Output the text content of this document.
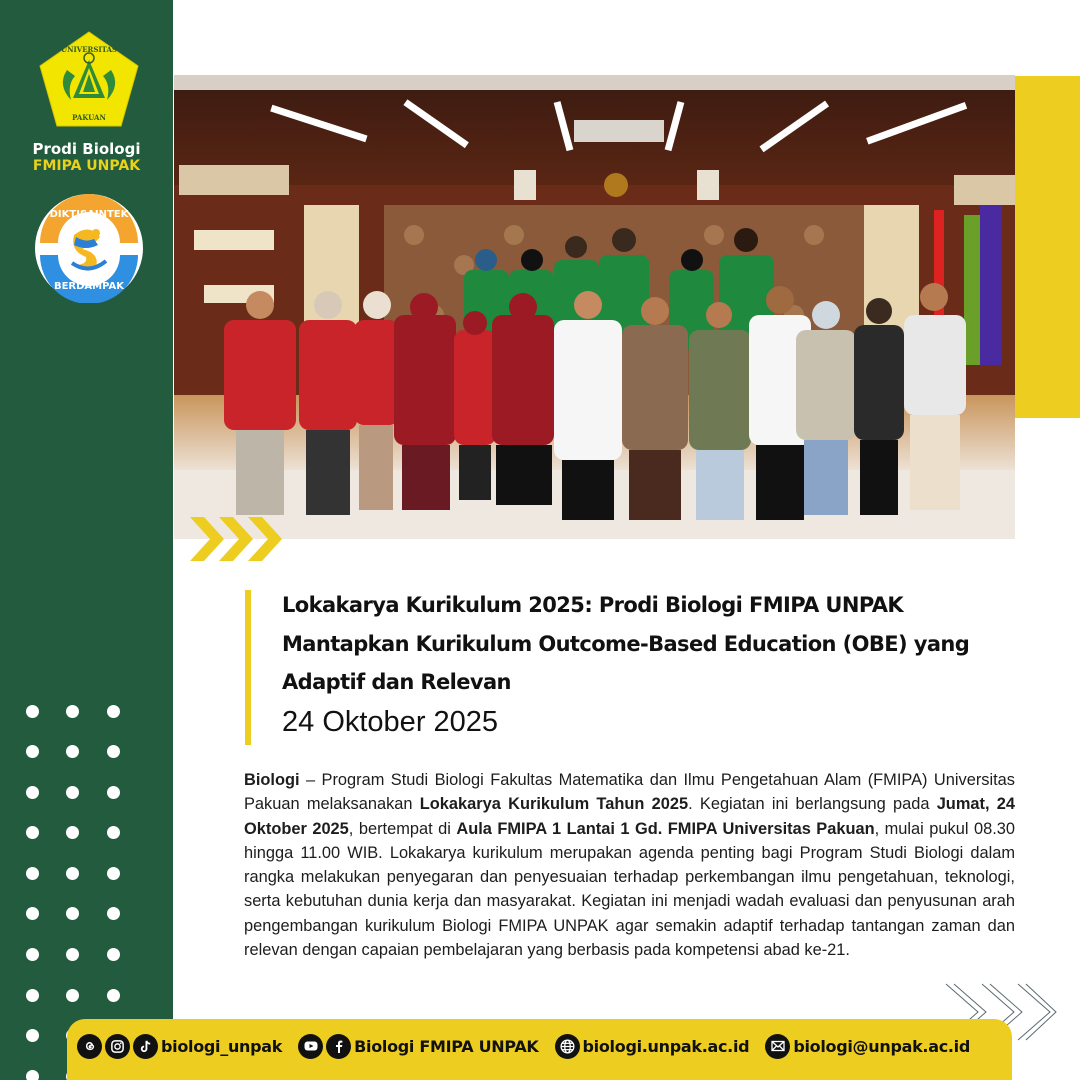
UNIVERSITAS
PAKUAN
Prodi Biologi
FMIPA UNPAK
DIKTISAINTEK
BERDAMPAK
Lokakarya Kurikulum 2025: Prodi Biologi FMIPA UNPAK Mantapkan Kurikulum Outcome-Based Education (OBE) yang Adaptif dan Relevan
24 Oktober 2025

Biologi – Program Studi Biologi Fakultas Matematika dan Ilmu Pengetahuan Alam (FMIPA) Universitas Pakuan melaksanakan Lokakarya Kurikulum Tahun 2025. Kegiatan ini berlangsung pada Jumat, 24 Oktober 2025, bertempat di Aula FMIPA 1 Lantai 1 Gd. FMIPA Universitas Pakuan, mulai pukul 08.30 hingga 11.00 WIB. Lokakarya kurikulum merupakan agenda penting bagi Program Studi Biologi dalam rangka melakukan penyegaran dan penyesuaian terhadap perkembangan ilmu pengetahuan, teknologi, serta kebutuhan dunia kerja dan masyarakat. Kegiatan ini menjadi wadah evaluasi dan penyusunan arah pengembangan kurikulum Biologi FMIPA UNPAK agar semakin adaptif terhadap tantangan zaman dan relevan dengan capaian pembelajaran yang berbasis pada kompetensi abad ke-21.

biologi_unpak	Biologi FMIPA UNPAK	biologi.unpak.ac.id	biologi@unpak.ac.id
